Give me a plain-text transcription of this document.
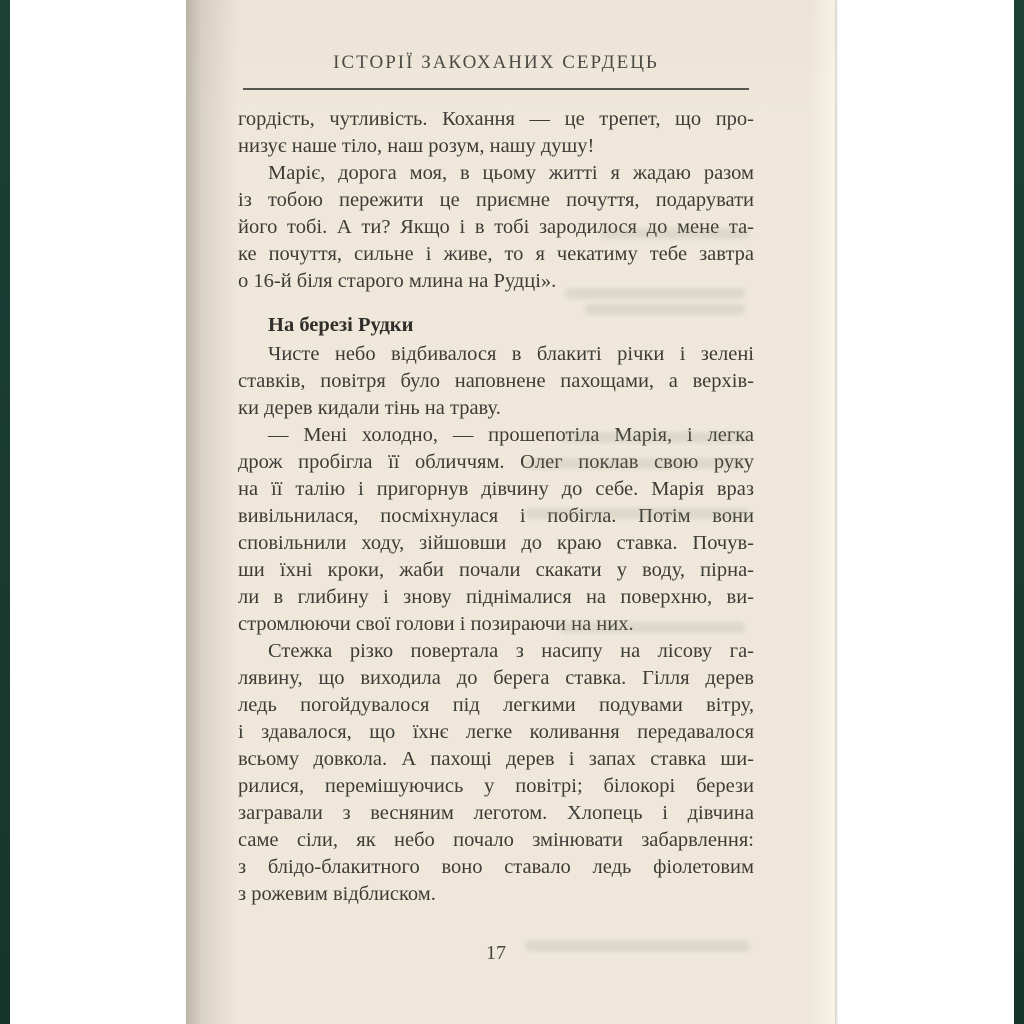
ІСТОРІЇ ЗАКОХАНИХ СЕРДЕЦЬ
гордість, чутливість. Кохання — це трепет, що про-
низує наше тіло, наш розум, нашу душу!
Маріє, дорога моя, в цьому житті я жадаю разом
із тобою пережити це приємне почуття, подарувати
його тобі. А ти? Якщо і в тобі зародилося до мене та-
ке почуття, сильне і живе, то я чекатиму тебе завтра
о 16-й біля старого млина на Рудці».
На березі Рудки
Чисте небо відбивалося в блакиті річки і зелені
ставків, повітря було наповнене пахощами, а верхів-
ки дерев кидали тінь на траву.
— Мені холодно, — прошепотіла Марія, і легка
дрож пробігла її обличчям. Олег поклав свою руку
на її талію і пригорнув дівчину до себе. Марія враз
вивільнилася, посміхнулася і побігла. Потім вони
сповільнили ходу, зійшовши до краю ставка. Почув-
ши їхні кроки, жаби почали скакати у воду, пірна-
ли в глибину і знову піднімалися на поверхню, ви-
стромлюючи свої голови і позираючи на них.
Стежка різко повертала з насипу на лісову га-
лявину, що виходила до берега ставка. Гілля дерев
ледь погойдувалося під легкими подувами вітру,
і здавалося, що їхнє легке коливання передавалося
всьому довкола. А пахощі дерев і запах ставка ши-
рилися, перемішуючись у повітрі; білокорі берези
загравали з весняним леготом. Хлопець і дівчина
саме сіли, як небо почало змінювати забарвлення:
з блідо-блакитного воно ставало ледь фіолетовим
з рожевим відблиском.
17
